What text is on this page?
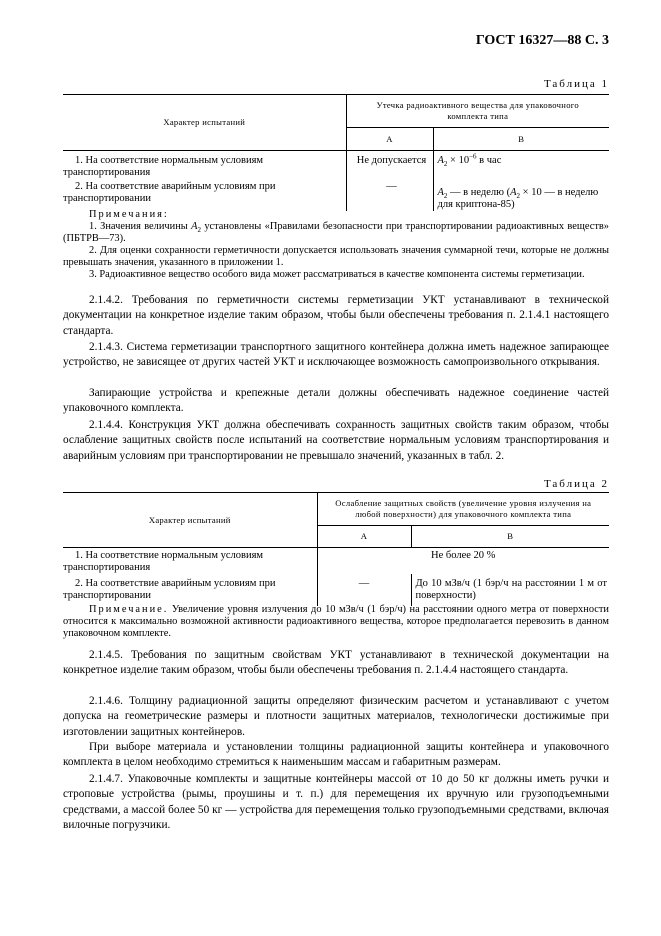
ГОСТ 16327—88 С. 3
Таблица 1
Характер испытаний	Утечка радиоактивного вещества для упаковочного комплекта типа	
	А	В
1. На соответствие нормальным условиям транспортирования	Не допускается	$A_2 \times 10^{-6}$ в час
2. На соответствие аварийным условиям при транспортировании	—	$A_2$ — в неделю ($A_2 \times 10$ — в неделю для криптона-85)
Примечания:
1. Значения величины $A_2$ установлены «Правилами безопасности при транспортировании радиоактивных веществ» (ПБТРВ—73).
2. Для оценки сохранности герметичности допускается использовать значения суммарной течи, которые не должны превышать значения, указанного в приложении 1.
3. Радиоактивное вещество особого вида может рассматриваться в качестве компонента системы герметизации.
2.1.4.2. Требования по герметичности системы герметизации УКТ устанавливают в технической документации на конкретное изделие таким образом, чтобы были обеспечены требования п. 2.1.4.1 настоящего стандарта.
2.1.4.3. Система герметизации транспортного защитного контейнера должна иметь надежное запирающее устройство, не зависящее от других частей УКТ и исключающее возможность самопроизвольного открывания.
Запирающие устройства и крепежные детали должны обеспечивать надежное соединение частей упаковочного комплекта.
2.1.4.4. Конструкция УКТ должна обеспечивать сохранность защитных свойств таким образом, чтобы ослабление защитных свойств после испытаний на соответствие нормальным условиям транспортирования и аварийным условиям при транспортировании не превышало значений, указанных в табл. 2.
Таблица 2
Характер испытаний	Ослабление защитных свойств (увеличение уровня излучения на любой поверхности) для упаковочного комплекта типа	
	А	В
1. На соответствие нормальным условиям транспортирования	Не более 20 %	
2. На соответствие аварийным условиям при транспортировании	—	До 10 мЗв/ч (1 бэр/ч на расстоянии 1 м от поверхности)
Примечание. Увеличение уровня излучения до 10 мЗв/ч (1 бэр/ч) на расстоянии одного метра от поверхности относится к максимально возможной активности радиоактивного вещества, которое предполагается перевозить в данном упаковочном комплекте.
2.1.4.5. Требования по защитным свойствам УКТ устанавливают в технической документации на конкретное изделие таким образом, чтобы были обеспечены требования п. 2.1.4.4 настоящего стандарта.
2.1.4.6. Толщину радиационной защиты определяют физическим расчетом и устанавливают с учетом допуска на геометрические размеры и плотности защитных материалов, технологически достижимые при изготовлении защитных контейнеров.
При выборе материала и установлении толщины радиационной защиты контейнера и упаковочного комплекта в целом необходимо стремиться к наименьшим массам и габаритным размерам.
2.1.4.7. Упаковочные комплекты и защитные контейнеры массой от 10 до 50 кг должны иметь ручки и строповые устройства (рымы, проушины и т. п.) для перемещения их вручную или грузоподъемными средствами, а массой более 50 кг — устройства для перемещения только грузоподъемными средствами, включая вилочные погрузчики.
